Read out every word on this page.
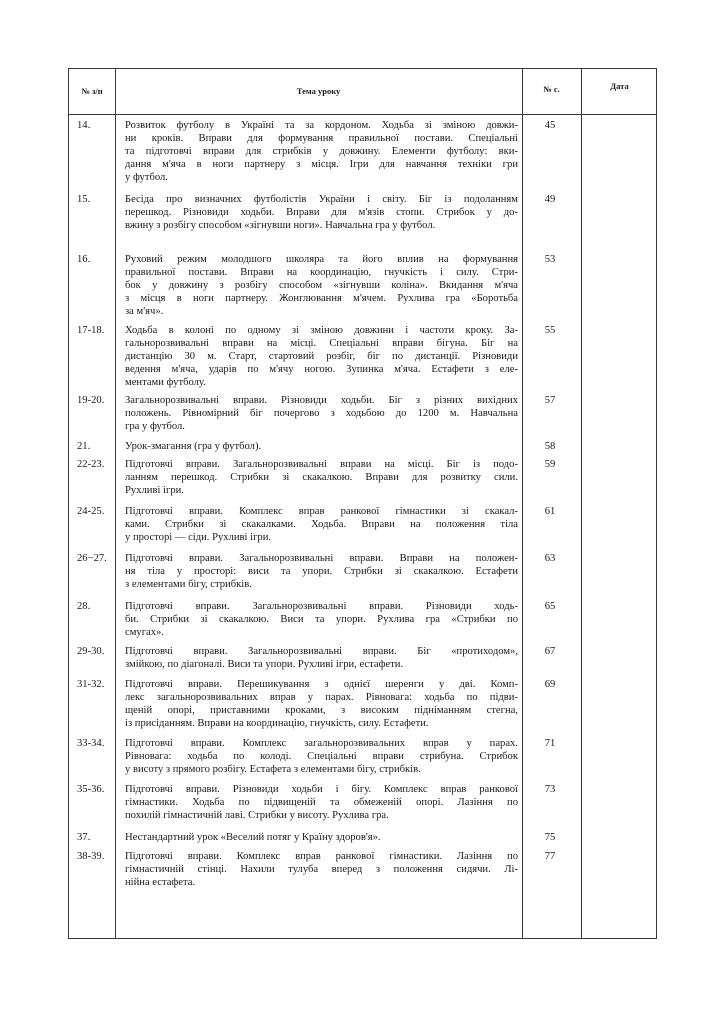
№ з/п	Тема уроку	№ с.	Дата
14.	Розвиток футболу в Україні та за кордоном. Ходьба зі зміною довжи-
ни кроків. Вправи для формування правильної постави. Спеціальні
та підготовчі вправи для стрибків у довжину. Елементи футболу: вки-
дання м'яча в ноги партнеру з місця. Ігри для навчання техніки гри
у футбол.
45
15.	Бесіда про визначних футболістів України і світу. Біг із подоланням
перешкод. Різновиди ходьби. Вправи для м'язів стопи. Стрибок у до-
вжину з розбігу способом «зігнувши ноги». Навчальна гра у футбол.
49
16.	Руховий режим молодшого школяра та його вплив на формування
правильної постави. Вправи на координацію, гнучкість і силу. Стри-
бок у довжину з розбігу способом «зігнувши коліна». Вкидання м'яча
з місця в ноги партнеру. Жонглювання м'ячем. Рухлива гра «Боротьба
за м'яч».
53
17-18.	Ходьба в колоні по одному зі зміною довжини і частоти кроку. За-
гальнорозвивальні вправи на місці. Спеціальні вправи бігуна. Біг на
дистанцію 30 м. Старт, стартовий розбіг, біг по дистанції. Різновиди
ведення м'яча, ударів по м'ячу ногою. Зупинка м'яча. Естафети з еле-
ментами футболу.
55
19-20.	Загальнорозвивальні вправи. Різновиди ходьби. Біг з різних вихідних
положень. Рівномірний біг почергово з ходьбою до 1200 м. Навчальна
гра у футбол.
57
21.	Урок-змагання (гра у футбол).	58
22-23.	Підготовчі вправи. Загальнорозвивальні вправи на місці. Біг із подо-
ланням перешкод. Стрибки зі скакалкою. Вправи для розвитку сили.
Рухливі ігри.
59
24-25.	Підготовчі вправи. Комплекс вправ ранкової гімнастики зі скакал-
ками. Стрибки зі скакалками. Ходьба. Вправи на положення тіла
у просторі — сіди. Рухливі ігри.
61
26−27.	Підготовчі вправи. Загальнорозвивальні вправи. Вправи на положен-
ня тіла у просторі: виси та упори. Стрибки зі скакалкою. Естафети
з елементами бігу, стрибків.
63
28.	Підготовчі вправи. Загальнорозвивальні вправи. Різновиди ходь-
би. Стрибки зі скакалкою. Виси та упори. Рухлива гра «Стрибки по
смугах».
65
29-30.	Підготовчі вправи. Загальнорозвивальні вправи. Біг «протиходом»,
змійкою, по діагоналі. Виси та упори. Рухливі ігри, естафети.
67
31-32.	Підготовчі вправи. Перешикування з однієї шеренги у дві. Комп-
лекс загальнорозвивальних вправ у парах. Рівновага: ходьба по підви-
щеній опорі, приставними кроками, з високим підніманням стегна,
із присіданням. Вправи на координацію, гнучкість, силу. Естафети.
69
33-34.	Підготовчі вправи. Комплекс загальнорозвивальних вправ у парах.
Рівновага: ходьба по колоді. Спеціальні вправи стрибуна. Стрибок
у висоту з прямого розбігу. Естафета з елементами бігу, стрибків.
71
35-36.	Підготовчі вправи. Різновиди ходьби і бігу. Комплекс вправ ранкової
гімнастики. Ходьба по підвищеній та обмеженій опорі. Лазіння по
похилій гімнастичній лаві. Стрибки у висоту. Рухлива гра.
73
37.	Нестандартний урок «Веселий потяг у Країну здоров'я».	75
38-39.	Підготовчі вправи. Комплекс вправ ранкової гімнастики. Лазіння по
гімнастичній стінці. Нахили тулуба вперед з положення сидячи. Лі-
нійна естафета.
77
